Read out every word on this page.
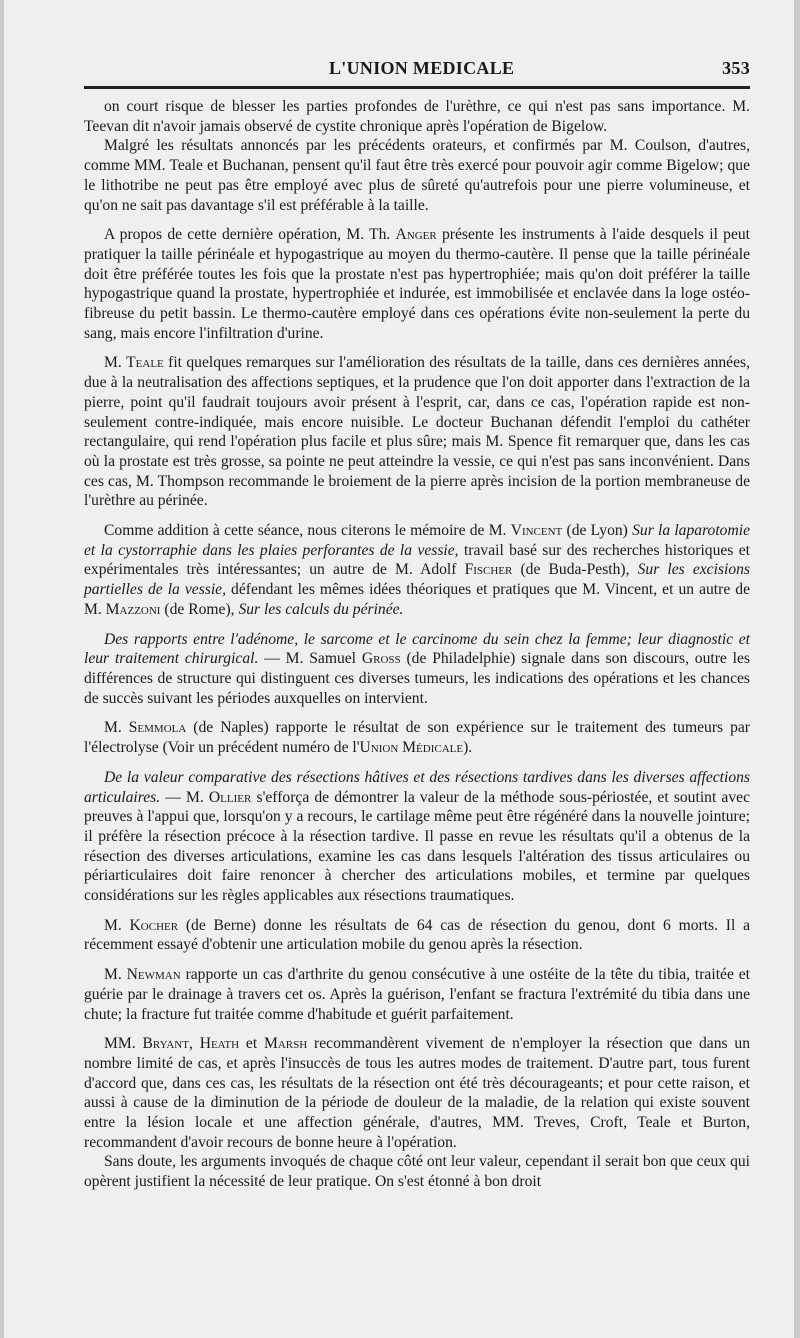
L'UNION MEDICALE	353

on court risque de blesser les parties profondes de l'urèthre, ce qui n'est pas sans importance. M. Teevan dit n'avoir jamais observé de cystite chronique après l'opération de Bigelow.

Malgré les résultats annoncés par les précédents orateurs, et confirmés par M. Coulson, d'autres, comme MM. Teale et Buchanan, pensent qu'il faut être très exercé pour pouvoir agir comme Bigelow; que le lithotribe ne peut pas être employé avec plus de sûreté qu'autrefois pour une pierre volumineuse, et qu'on ne sait pas davantage s'il est préférable à la taille.

A propos de cette dernière opération, M. Th. Anger présente les instruments à l'aide desquels il peut pratiquer la taille périnéale et hypogastrique au moyen du thermo-cautère. Il pense que la taille périnéale doit être préférée toutes les fois que la prostate n'est pas hypertrophiée; mais qu'on doit préférer la taille hypogastrique quand la prostate, hypertrophiée et indurée, est immobilisée et enclavée dans la loge ostéo-fibreuse du petit bassin. Le thermo-cautère employé dans ces opérations évite non-seulement la perte du sang, mais encore l'infiltration d'urine.

M. Teale fit quelques remarques sur l'amélioration des résultats de la taille, dans ces dernières années, due à la neutralisation des affections septiques, et la prudence que l'on doit apporter dans l'extraction de la pierre, point qu'il faudrait toujours avoir présent à l'esprit, car, dans ce cas, l'opération rapide est non-seulement contre-indiquée, mais encore nuisible. Le docteur Buchanan défendit l'emploi du cathéter rectangulaire, qui rend l'opération plus facile et plus sûre; mais M. Spence fit remarquer que, dans les cas où la prostate est très grosse, sa pointe ne peut atteindre la vessie, ce qui n'est pas sans inconvénient. Dans ces cas, M. Thompson recommande le broiement de la pierre après incision de la portion membraneuse de l'urèthre au périnée.

Comme addition à cette séance, nous citerons le mémoire de M. Vincent (de Lyon) Sur la laparotomie et la cystorraphie dans les plaies perforantes de la vessie, travail basé sur des recherches historiques et expérimentales très intéressantes; un autre de M. Adolf Fischer (de Buda-Pesth), Sur les excisions partielles de la vessie, défendant les mêmes idées théoriques et pratiques que M. Vincent, et un autre de M. Mazzoni (de Rome), Sur les calculs du périnée.

Des rapports entre l'adénome, le sarcome et le carcinome du sein chez la femme; leur diagnostic et leur traitement chirurgical. — M. Samuel Gross (de Philadelphie) signale dans son discours, outre les différences de structure qui distinguent ces diverses tumeurs, les indications des opérations et les chances de succès suivant les périodes auxquelles on intervient.

M. Semmola (de Naples) rapporte le résultat de son expérience sur le traitement des tumeurs par l'électrolyse (Voir un précédent numéro de l'Union Médicale).

De la valeur comparative des résections hâtives et des résections tardives dans les diverses affections articulaires. — M. Ollier s'efforça de démontrer la valeur de la méthode sous-périostée, et soutint avec preuves à l'appui que, lorsqu'on y a recours, le cartilage même peut être régénéré dans la nouvelle jointure; il préfère la résection précoce à la résection tardive. Il passe en revue les résultats qu'il a obtenus de la résection des diverses articulations, examine les cas dans lesquels l'altération des tissus articulaires ou périarticulaires doit faire renoncer à chercher des articulations mobiles, et termine par quelques considérations sur les règles applicables aux résections traumatiques.

M. Kocher (de Berne) donne les résultats de 64 cas de résection du genou, dont 6 morts. Il a récemment essayé d'obtenir une articulation mobile du genou après la résection.

M. Newman rapporte un cas d'arthrite du genou consécutive à une ostéite de la tête du tibia, traitée et guérie par le drainage à travers cet os. Après la guérison, l'enfant se fractura l'extrémité du tibia dans une chute; la fracture fut traitée comme d'habitude et guérit parfaitement.

MM. Bryant, Heath et Marsh recommandèrent vivement de n'employer la résection que dans un nombre limité de cas, et après l'insuccès de tous les autres modes de traitement. D'autre part, tous furent d'accord que, dans ces cas, les résultats de la résection ont été très décourageants; et pour cette raison, et aussi à cause de la diminution de la période de douleur de la maladie, de la relation qui existe souvent entre la lésion locale et une affection générale, d'autres, MM. Treves, Croft, Teale et Burton, recommandent d'avoir recours de bonne heure à l'opération.

Sans doute, les arguments invoqués de chaque côté ont leur valeur, cependant il serait bon que ceux qui opèrent justifient la nécessité de leur pratique. On s'est étonné à bon droit
